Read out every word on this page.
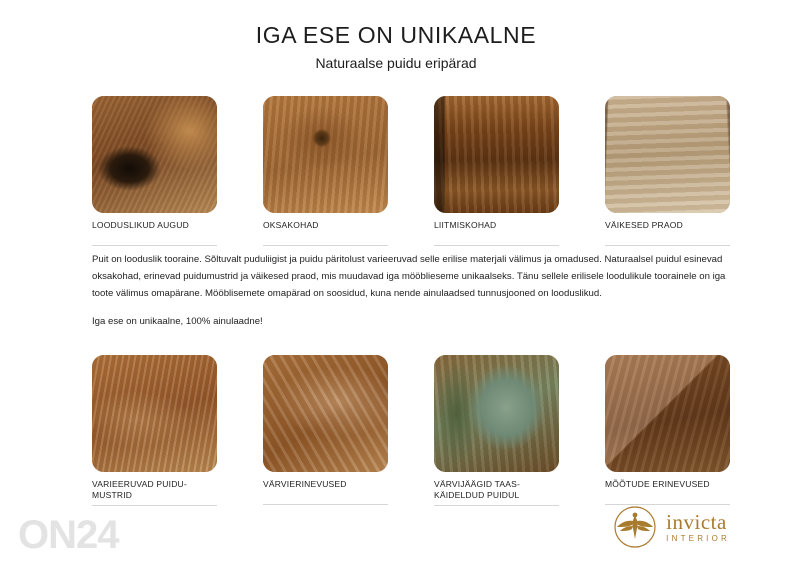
IGA ESE ON UNIKAALNE
Naturaalse puidu eripärad
LOODUSLIKUD AUGUD	OKSAKOHAD	LIITMISKOHAD	VÄIKESED PRAOD

Puit on looduslik tooraine. Sõltuvalt puduliigist ja puidu päritolust varieeruvad selle erilise materjali välimus ja omadused. Naturaalsel puidul esinevad oksakohad, erinevad puidumustrid ja väikesed praod, mis muudavad iga mööblieseme unikaalseks. Tänu sellele erilisele loodulikule toorainele on iga toote välimus omapärane. Mööblisemete omapärad on soosidud, kuna nende ainulaadsed tunnusjooned on looduslikud.

Iga ese on unikaalne, 100% ainulaadne!

VARIEERUVAD PUIDU-
MUSTRID
VÄRVIERINEVUSED	VÄRVIJÄÄGID TAAS-
KÄIDELDUD PUIDUL
MÕÕTUDE ERINEVUSED
ON24	invicta
INTERIOR
